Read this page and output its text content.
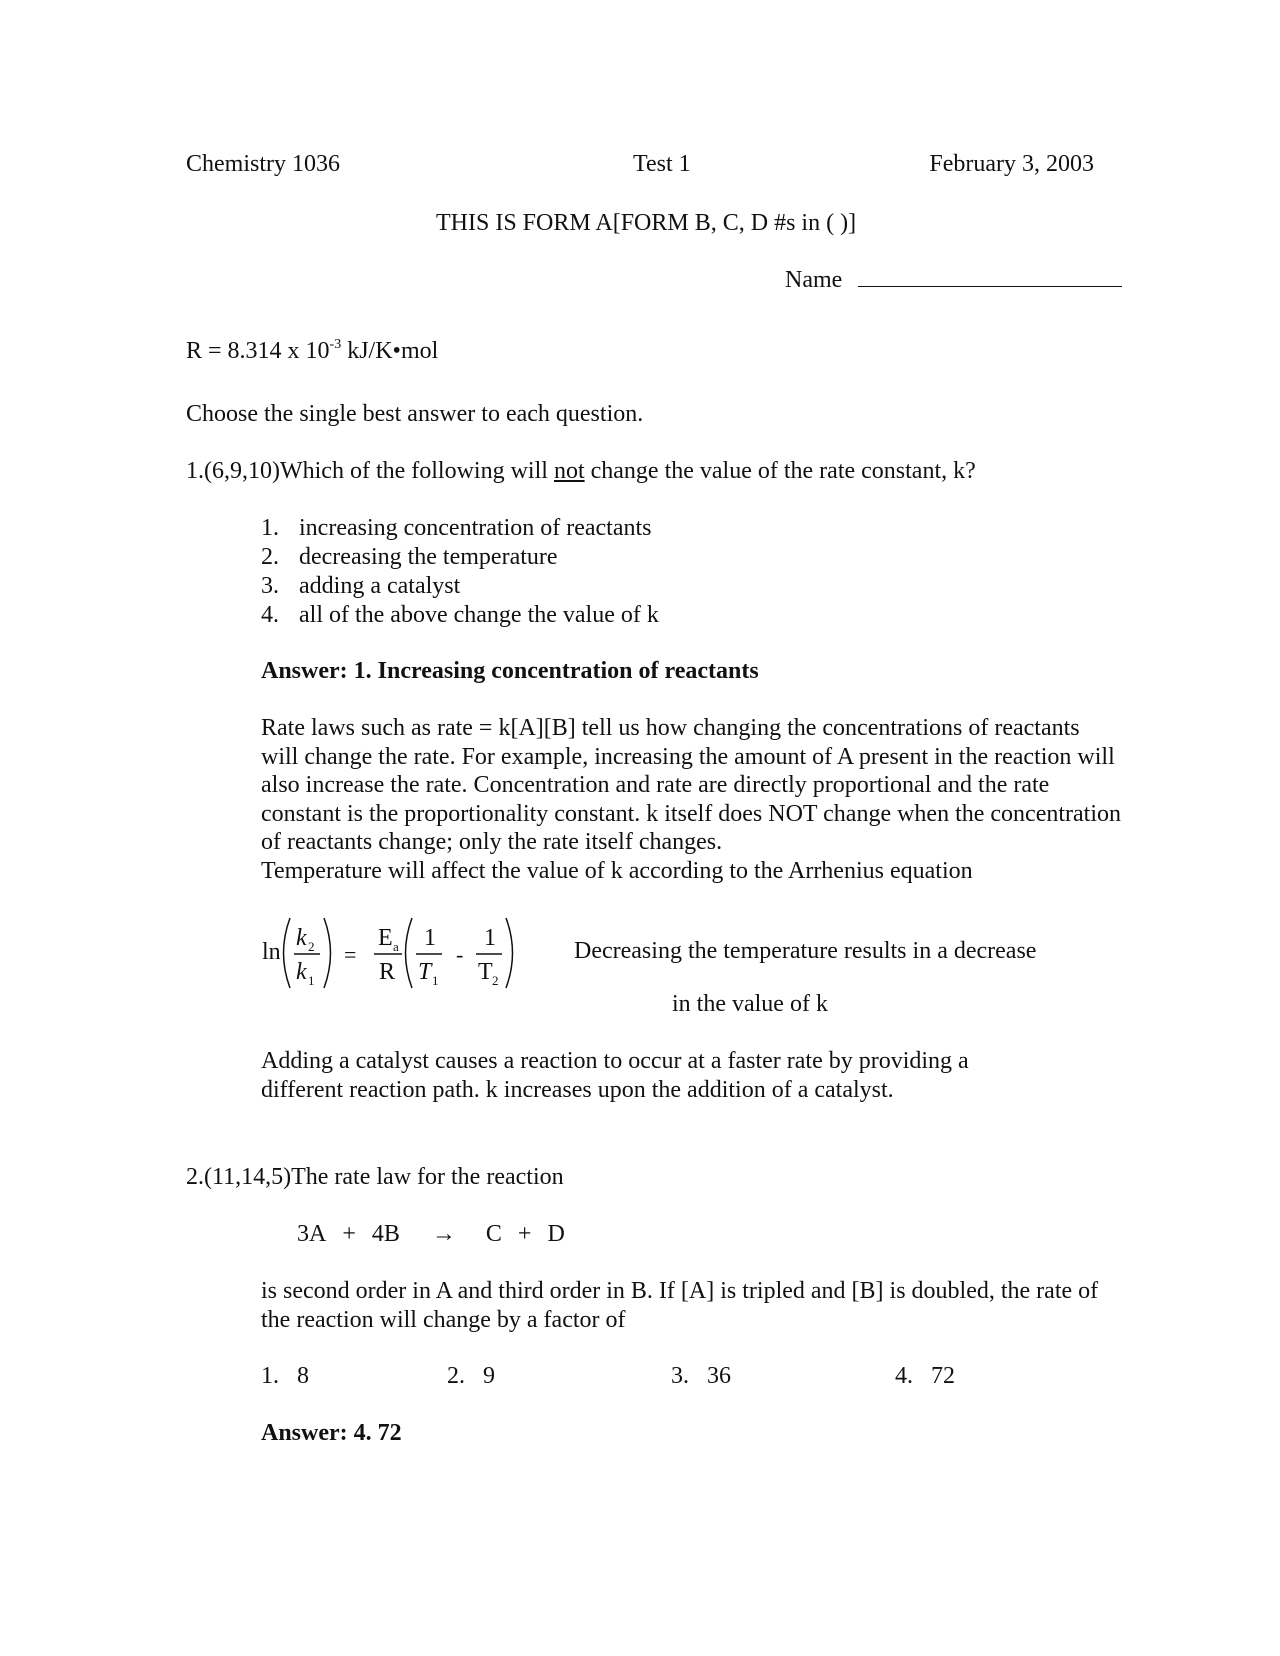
Chemistry 1036	Test 1	February 3, 2003
THIS IS FORM A[FORM B, C, D #s in ( )]
Name
R = 8.314 x $10^{-3}$ kJ/K•mol
Choose the single best answer to each question.
1.(6,9,10)Which of the following will not change the value of the rate constant, k?
1. increasing concentration of reactants
2. decreasing the temperature
3. adding a catalyst
4. all of the above change the value of k
Answer: 1. Increasing concentration of reactants

Rate laws such as rate = k[A][B] tell us how changing the concentrations of reactants will change the rate. For example, increasing the amount of A present in the reaction will also increase the rate. Concentration and rate are directly proportional and the rate constant is the proportionality constant. k itself does NOT change when the concentration of reactants change; only the rate itself changes.

Temperature will affect the value of k according to the Arrhenius equation

ln
k 2
k 1
=
E a
R
1
T 1
-
1
T 2
Decreasing the temperature results in a decrease
in the value of k
Adding a catalyst causes a reaction to occur at a faster rate by providing a different reaction path. k increases upon the addition of a catalyst.
2.(11,14,5)The rate law for the reaction
3A + 4B → C + D
is second order in A and third order in B. If [A] is tripled and [B] is doubled, the rate of the reaction will change by a factor of
1.   8	2.   9	3.   36	4.   72
Answer: 4. 72
